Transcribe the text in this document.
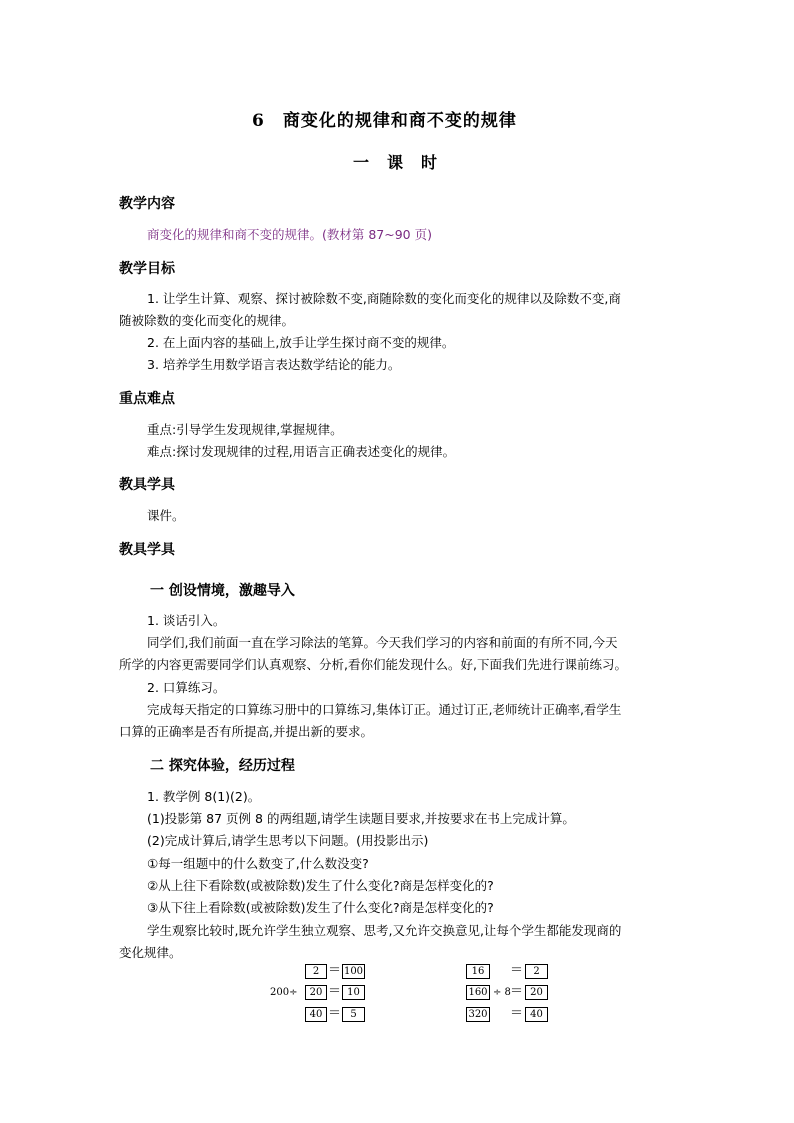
6　商变化的规律和商不变的规律
一　课　时
教学内容
商变化的规律和商不变的规律。(教材第 87~90 页)
教学目标
1. 让学生计算、观察、探讨被除数不变,商随除数的变化而变化的规律以及除数不变,商
随被除数的变化而变化的规律。
2. 在上面内容的基础上,放手让学生探讨商不变的规律。
3. 培养学生用数学语言表达数学结论的能力。
重点难点
重点:引导学生发现规律,掌握规律。
难点:探讨发现规律的过程,用语言正确表述变化的规律。
教具学具
课件。
教具学具
一 创设情境，激趣导入
1. 谈话引入。
同学们,我们前面一直在学习除法的笔算。今天我们学习的内容和前面的有所不同,今天
所学的内容更需要同学们认真观察、分析,看你们能发现什么。好,下面我们先进行课前练习。
2. 口算练习。
完成每天指定的口算练习册中的口算练习,集体订正。通过订正,老师统计正确率,看学生
口算的正确率是否有所提高,并提出新的要求。
二 探究体验，经历过程
1. 教学例 8(1)(2)。
(1)投影第 87 页例 8 的两组题,请学生读题目要求,并按要求在书上完成计算。
(2)完成计算后,请学生思考以下问题。(用投影出示)
①每一组题中的什么数变了,什么数没变?
②从上往下看除数(或被除数)发生了什么变化?商是怎样变化的?
③从下往上看除数(或被除数)发生了什么变化?商是怎样变化的?
学生观察比较时,既允许学生独立观察、思考,又允许交换意见,让每个学生都能发现商的
变化规律。
200÷
2 ＝ 100
20 ＝ 10
40 ＝ 5
16	＝	2
160 ÷ 8 ＝ 20
320 ＝ 40
